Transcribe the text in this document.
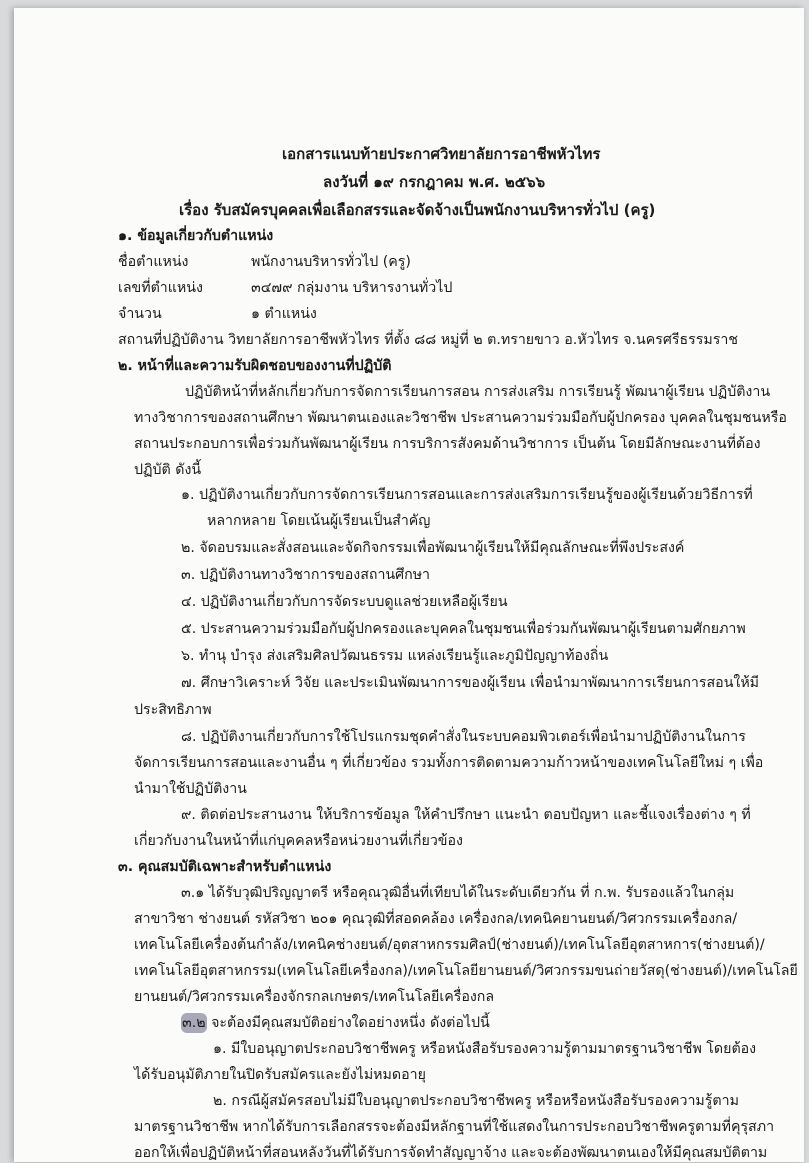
เอกสารแนบท้ายประกาศวิทยาลัยการอาชีพหัวไทร
ลงวันที่ ๑๙ กรกฎาคม พ.ศ. ๒๕๖๖
เรื่อง รับสมัครบุคคลเพื่อเลือกสรรและจัดจ้างเป็นพนักงานบริหารทั่วไป (ครู)
๑. ข้อมูลเกี่ยวกับตำแหน่ง
ชื่อตำแหน่ง	พนักงานบริหารทั่วไป (ครู)
เลขที่ตำแหน่ง	๓๔๗๙ กลุ่มงาน บริหารงานทั่วไป
จำนวน	๑ ตำแหน่ง
สถานที่ปฏิบัติงาน วิทยาลัยการอาชีพหัวไทร ที่ตั้ง ๘๘ หมู่ที่ ๒ ต.ทรายขาว อ.หัวไทร จ.นครศรีธรรมราช
๒. หน้าที่และความรับผิดชอบของงานที่ปฏิบัติ
ปฏิบัติหน้าที่หลักเกี่ยวกับการจัดการเรียนการสอน การส่งเสริม การเรียนรู้ พัฒนาผู้เรียน ปฏิบัติงาน
ทางวิชาการของสถานศึกษา พัฒนาตนเองและวิชาชีพ ประสานความร่วมมือกับผู้ปกครอง บุคคลในชุมชนหรือ
สถานประกอบการเพื่อร่วมกันพัฒนาผู้เรียน การบริการสังคมด้านวิชาการ เป็นต้น โดยมีลักษณะงานที่ต้อง
ปฏิบัติ ดังนี้
๑. ปฏิบัติงานเกี่ยวกับการจัดการเรียนการสอนและการส่งเสริมการเรียนรู้ของผู้เรียนด้วยวิธีการที่
หลากหลาย โดยเน้นผู้เรียนเป็นสำคัญ
๒. จัดอบรมและสั่งสอนและจัดกิจกรรมเพื่อพัฒนาผู้เรียนให้มีคุณลักษณะที่พึงประสงค์
๓. ปฏิบัติงานทางวิชาการของสถานศึกษา
๔. ปฏิบัติงานเกี่ยวกับการจัดระบบดูแลช่วยเหลือผู้เรียน
๕. ประสานความร่วมมือกับผู้ปกครองและบุคคลในชุมชนเพื่อร่วมกันพัฒนาผู้เรียนตามศักยภาพ
๖. ทำนุ บำรุง ส่งเสริมศิลปวัฒนธรรม แหล่งเรียนรู้และภูมิปัญญาท้องถิ่น
๗. ศึกษาวิเคราะห์ วิจัย และประเมินพัฒนาการของผู้เรียน เพื่อนำมาพัฒนาการเรียนการสอนให้มี
ประสิทธิภาพ
๘. ปฏิบัติงานเกี่ยวกับการใช้โปรแกรมชุดคำสั่งในระบบคอมพิวเตอร์เพื่อนำมาปฏิบัติงานในการ
จัดการเรียนการสอนและงานอื่น ๆ ที่เกี่ยวข้อง รวมทั้งการติดตามความก้าวหน้าของเทคโนโลยีใหม่ ๆ เพื่อ
นำมาใช้ปฏิบัติงาน
๙. ติดต่อประสานงาน ให้บริการข้อมูล ให้คำปรึกษา แนะนำ ตอบปัญหา และชี้แจงเรื่องต่าง ๆ ที่
เกี่ยวกับงานในหน้าที่แก่บุคคลหรือหน่วยงานที่เกี่ยวข้อง
๓. คุณสมบัติเฉพาะสำหรับตำแหน่ง
๓.๑ ได้รับวุฒิปริญญาตรี หรือคุณวุฒิอื่นที่เทียบได้ในระดับเดียวกัน ที่ ก.พ. รับรองแล้วในกลุ่ม
สาขาวิชา ช่างยนต์ รหัสวิชา ๒๐๑ คุณวุฒิที่สอดคล้อง เครื่องกล/เทคนิคยานยนต์/วิศวกรรมเครื่องกล/
เทคโนโลยีเครื่องต้นกำลัง/เทคนิคช่างยนต์/อุตสาหกรรมศิลป์(ช่างยนต์)/เทคโนโลยีอุตสาหการ(ช่างยนต์)/
เทคโนโลยีอุตสาหกรรม(เทคโนโลยีเครื่องกล)/เทคโนโลยียานยนต์/วิศวกรรมขนถ่ายวัสดุ(ช่างยนต์)/เทคโนโลยี
ยานยนต์/วิศวกรรมเครื่องจักรกลเกษตร/เทคโนโลยีเครื่องกล
๓.๒ จะต้องมีคุณสมบัติอย่างใดอย่างหนึ่ง ดังต่อไปนี้
๑. มีใบอนุญาตประกอบวิชาชีพครู หรือหนังสือรับรองความรู้ตามมาตรฐานวิชาชีพ โดยต้อง
ได้รับอนุมัติภายในปิดรับสมัครและยังไม่หมดอายุ
๒. กรณีผู้สมัครสอบไม่มีใบอนุญาตประกอบวิชาชีพครู หรือหรือหนังสือรับรองความรู้ตาม
มาตรฐานวิชาชีพ หากได้รับการเลือกสรรจะต้องมีหลักฐานที่ใช้แสดงในการประกอบวิชาชีพครูตามที่คุรุสภา
ออกให้เพื่อปฏิบัติหน้าที่สอนหลังวันที่ได้รับการจัดทำสัญญาจ้าง และจะต้องพัฒนาตนเองให้มีคุณสมบัติตาม
